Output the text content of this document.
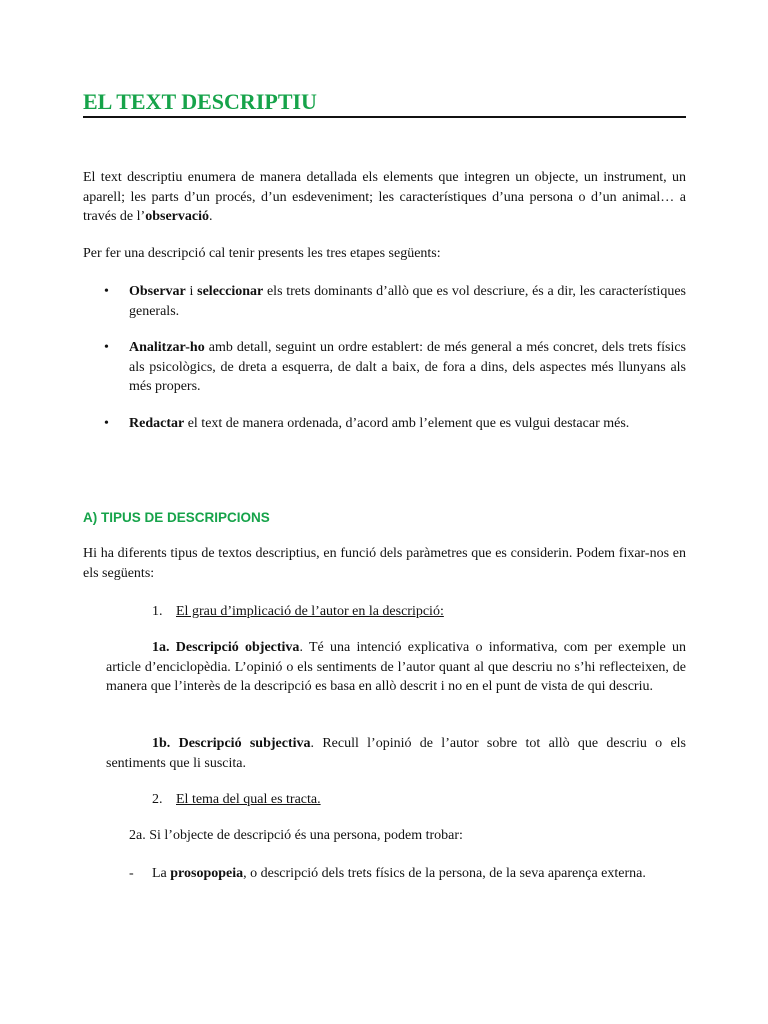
EL TEXT DESCRIPTIU

El text descriptiu enumera de manera detallada els elements que integren un objecte, un instrument, un aparell; les parts d’un procés, d’un esdeveniment; les característiques d’una persona o d’un animal… a través de l’observació.

Per fer una descripció cal tenir presents les tres etapes següents:

•	Observar i seleccionar els trets dominants d’allò que es vol descriure, és a dir, les característiques generals.
•	Analitzar-ho amb detall, seguint un ordre establert: de més general a més concret, dels trets físics als psicològics, de dreta a esquerra, de dalt a baix, de fora a dins, dels aspectes més llunyans als més propers.
•	Redactar el text de manera ordenada, d’acord amb l’element que es vulgui destacar més.
A) TIPUS DE DESCRIPCIONS

Hi ha diferents tipus de textos descriptius, en funció dels paràmetres que es considerin. Podem fixar-nos en els següents:

1. El grau d’implicació de l’autor en la descripció:

1a. Descripció objectiva. Té una intenció explicativa o informativa, com per exemple un article d’enciclopèdia. L’opinió o els sentiments de l’autor quant al que descriu no s’hi reflecteixen, de manera que l’interès de la descripció es basa en allò descrit i no en el punt de vista de qui descriu.

1b. Descripció subjectiva. Recull l’opinió de l’autor sobre tot allò que descriu o els sentiments que li suscita.

2. El tema del qual es tracta.

2a. Si l’objecte de descripció és una persona, podem trobar:

- La prosopopeia, o descripció dels trets físics de la persona, de la seva aparença externa.
